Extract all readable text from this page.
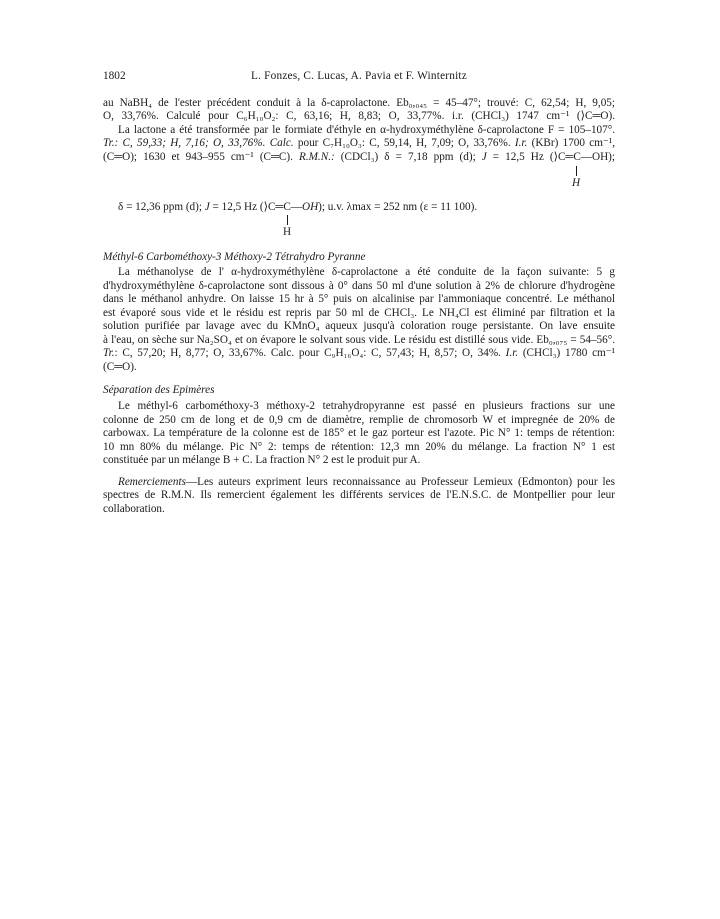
1802	L. Fonzes, C. Lucas, A. Pavia et F. Winternitz
au NaBH₄ de l'ester précédent conduit à la δ-caprolactone. Eb₀,₀₄₅ = 45–47°; trouvé: C, 62,54; H, 9,05;
O, 33,76%. Calculé pour C₆H₁₀O₂: C, 63,16; H, 8,83; O, 33,77%. i.r. (CHCl₃) 1747 cm⁻¹ (⟩C═O).
La lactone a été transformée par le formiate d'éthyle en α-hydroxyméthylène δ-caprolactone F = 105–107°.
Tr.: C, 59,33; H, 7,16; O, 33,76%. Calc. pour C₇H₁₀O₃: C, 59,14, H, 7,09; O, 33,76%. I.r. (KBr) 1700 cm⁻¹,
(C═O); 1630 et 943–955 cm⁻¹ (C═C). R.M.N.: (CDCl₃) δ = 7,18 ppm (d); J = 12,5 Hz (⟩C═C—OH);
H
δ = 12,36 ppm (d); J = 12,5 Hz (⟩C═C—OH); u.v. λmax = 252 nm (ε = 11 100).
H
Méthyl-6 Carbométhoxy-3 Méthoxy-2 Tétrahydro Pyranne
La méthanolyse de l' α-hydroxyméthylène δ-caprolactone a été conduite de la façon suivante: 5 g
d'hydroxyméthylène δ-caprolactone sont dissous à 0° dans 50 ml d'une solution à 2% de chlorure d'hydrogène
dans le méthanol anhydre. On laisse 15 hr à 5° puis on alcalinise par l'ammoniaque concentré. Le méthanol
est évaporé sous vide et le résidu est repris par 50 ml de CHCl₃. Le NH₄Cl est éliminé par filtration et la
solution purifiée par lavage avec du KMnO₄ aqueux jusqu'à coloration rouge persistante. On lave ensuite
à l'eau, on sèche sur Na₂SO₄ et on évapore le solvant sous vide. Le résidu est distillé sous vide. Eb₀,₀₇₅ = 54–56°.
Tr.: C, 57,20; H, 8,77; O, 33,67%. Calc. pour C₉H₁₆O₄: C, 57,43; H, 8,57; O, 34%. I.r. (CHCl₃) 1780 cm⁻¹
(C═O).
Séparation des Epimères
Le méthyl-6 carbométhoxy-3 méthoxy-2 tetrahydropyranne est passé en plusieurs fractions sur une
colonne de 250 cm de long et de 0,9 cm de diamètre, remplie de chromosorb W et impregnée de 20% de
carbowax. La température de la colonne est de 185° et le gaz porteur est l'azote. Pic N° 1: temps de rétention:
10 mn 80% du mélange. Pic N° 2: temps de rétention: 12,3 mn 20% du mélange. La fraction N° 1 est
constituée par un mélange B + C. La fraction N° 2 est le produit pur A.
Remerciements—Les auteurs expriment leurs reconnaissance au Professeur Lemieux (Edmonton) pour les
spectres de R.M.N. Ils remercient également les différents services de l'E.N.S.C. de Montpellier pour leur
collaboration.
